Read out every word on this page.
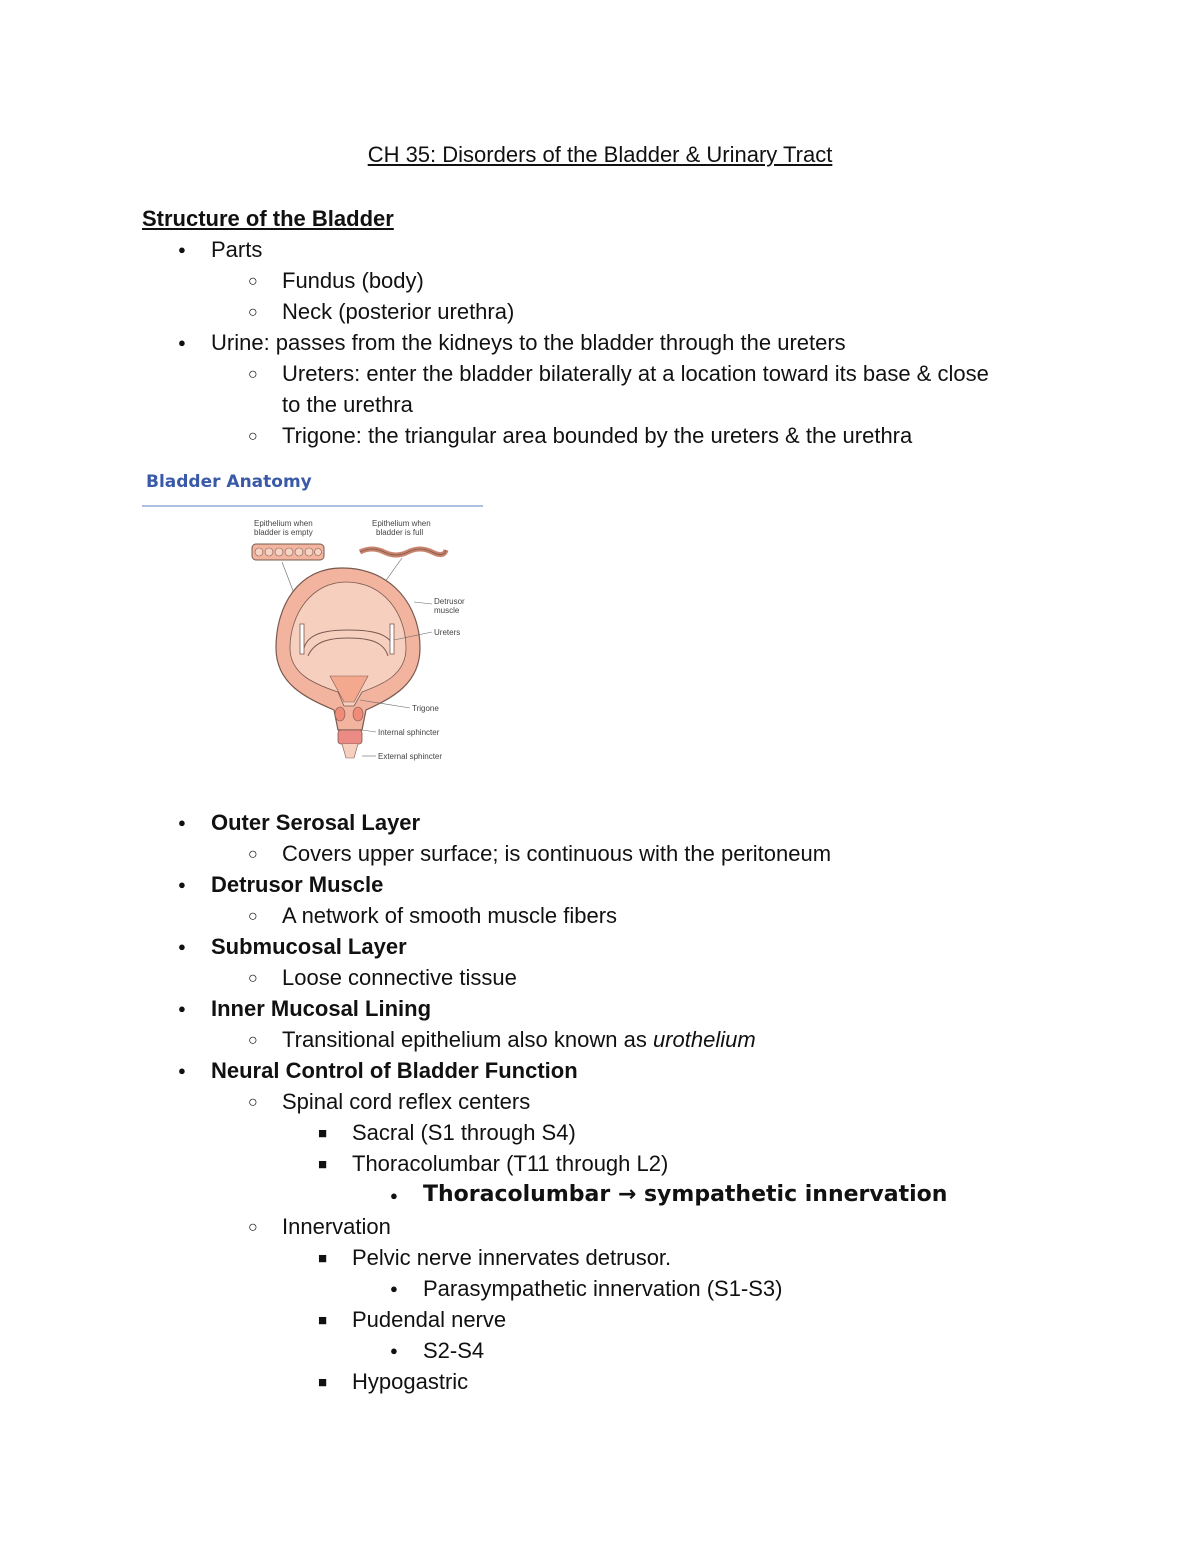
CH 35: Disorders of the Bladder & Urinary Tract

Structure of the Bladder

●

Parts

○

Fundus (body)

○

Neck (posterior urethra)

●

Urine: passes from the kidneys to the bladder through the ureters

○

Ureters: enter the bladder bilaterally at a location toward its base & close

to the urethra

○

Trigone: the triangular area bounded by the ureters & the urethra

Bladder Anatomy

Epithelium when
bladder is empty
Epithelium when
bladder is full
Detrusor
muscle
Ureters
Trigone
Internal sphincter
External sphincter
●

Outer Serosal Layer

○

Covers upper surface; is continuous with the peritoneum

●

Detrusor Muscle

○

A network of smooth muscle fibers

●

Submucosal Layer

○

Loose connective tissue

●

Inner Mucosal Lining

○

Transitional epithelium also known as urothelium

●

Neural Control of Bladder Function

○

Spinal cord reflex centers

■

Sacral (S1 through S4)

■

Thoracolumbar (T11 through L2)

●

Thoracolumbar → sympathetic innervation

○

Innervation

■

Pelvic nerve innervates detrusor.

●

Parasympathetic innervation (S1-S3)

■

Pudendal nerve

●

S2-S4

■

Hypogastric
